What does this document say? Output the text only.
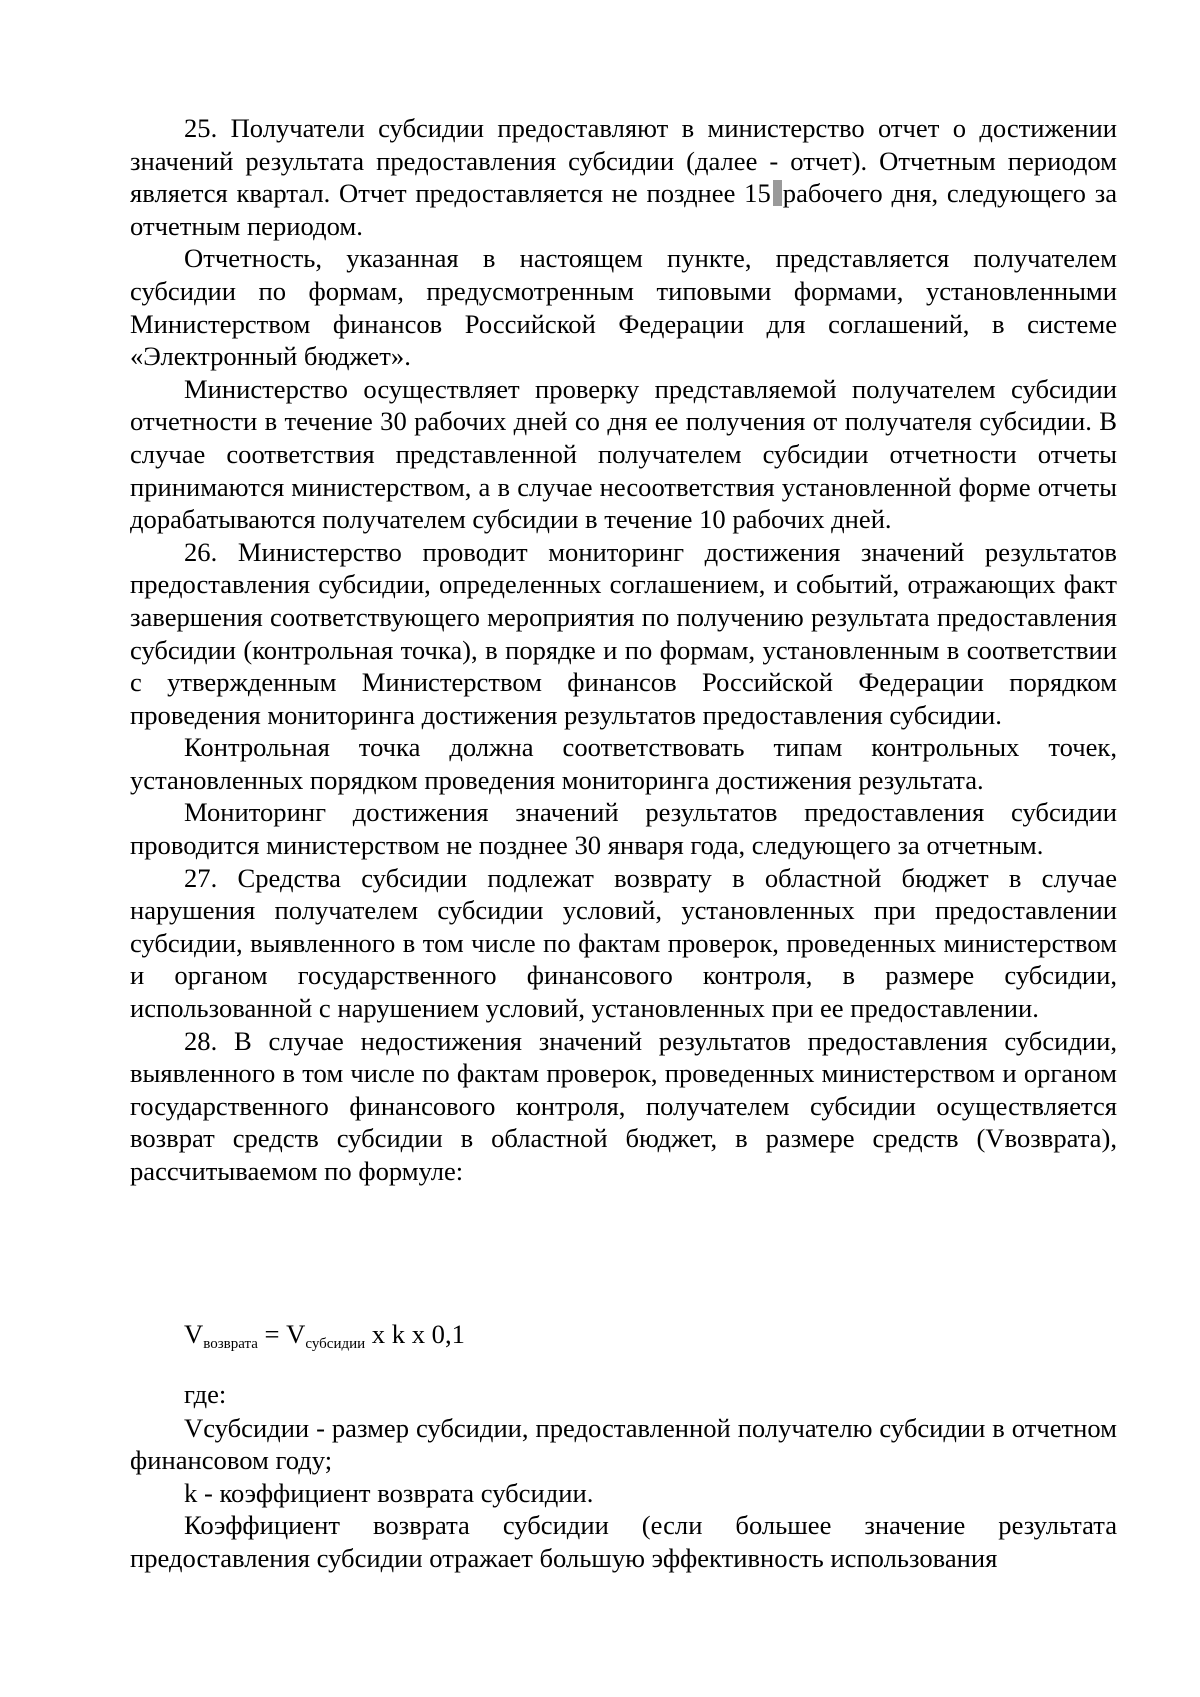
25. Получатели субсидии предоставляют в министерство отчет о достижении значений результата предоставления субсидии (далее - отчет). Отчетным периодом является квартал. Отчет предоставляется не позднее 15 рабочего дня, следующего за отчетным периодом.

Отчетность, указанная в настоящем пункте, представляется получателем субсидии по формам, предусмотренным типовыми формами, установленными Министерством финансов Российской Федерации для соглашений, в системе «Электронный бюджет».

Министерство осуществляет проверку представляемой получателем субсидии отчетности в течение 30 рабочих дней со дня ее получения от получателя субсидии. В случае соответствия представленной получателем субсидии отчетности отчеты принимаются министерством, а в случае несоответствия установленной форме отчеты дорабатываются получателем субсидии в течение 10 рабочих дней.

26. Министерство проводит мониторинг достижения значений результатов предоставления субсидии, определенных соглашением, и событий, отражающих факт завершения соответствующего мероприятия по получению результата предоставления субсидии (контрольная точка), в порядке и по формам, установленным в соответствии с утвержденным Министерством финансов Российской Федерации порядком проведения мониторинга достижения результатов предоставления субсидии.

Контрольная точка должна соответствовать типам контрольных точек, установленных порядком проведения мониторинга достижения результата.

Мониторинг достижения значений результатов предоставления субсидии проводится министерством не позднее 30 января года, следующего за отчетным.

27. Средства субсидии подлежат возврату в областной бюджет в случае нарушения получателем субсидии условий, установленных при предоставлении субсидии, выявленного в том числе по фактам проверок, проведенных министерством и органом государственного финансового контроля, в размере субсидии, использованной с нарушением условий, установленных при ее предоставлении.

28. В случае недостижения значений результатов предоставления субсидии, выявленного в том числе по фактам проверок, проведенных министерством и органом государственного финансового контроля, получателем субсидии осуществляется возврат средств субсидии в областной бюджет, в размере средств (Vвозврата), рассчитываемом по формуле:

$V_{возврата} = V_{субсидии}$ x k x 0,1

где:

Vсубсидии - размер субсидии, предоставленной получателю субсидии в отчетном финансовом году;

k - коэффициент возврата субсидии.

Коэффициент возврата субсидии (если большее значение результата предоставления субсидии отражает большую эффективность использования
